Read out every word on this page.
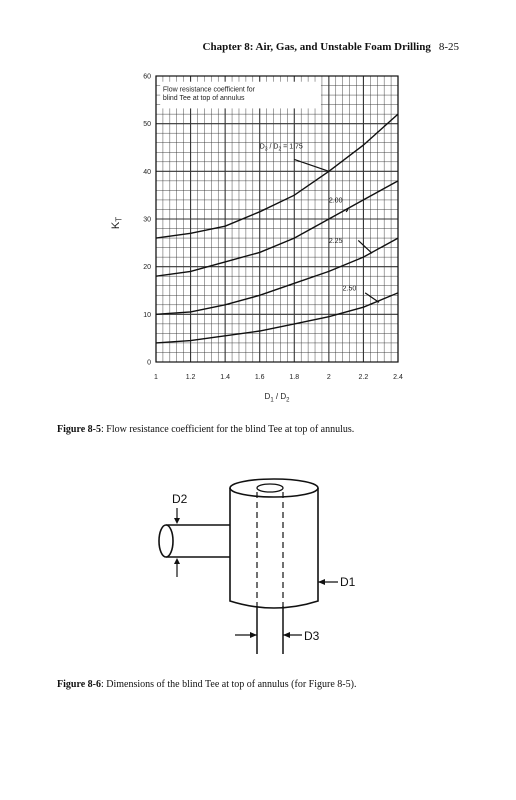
Chapter 8: Air, Gas, and Unstable Foam Drilling 8-25
1	1.2	1.4	1.6	1.8	2	2.2	2.4
0
10
20
30
40
50
60
$D_1 / D_2$
$K_T$
Flow resistance coefficient for
blind Tee at top of annulus
$D_3 / D_2 = 1.75$
2.00
2.25
2.50
Figure 8-5: Flow resistance coefficient for the blind Tee at top of annulus.
D2
D1
D3
Figure 8-6: Dimensions of the blind Tee at top of annulus (for Figure 8-5).
